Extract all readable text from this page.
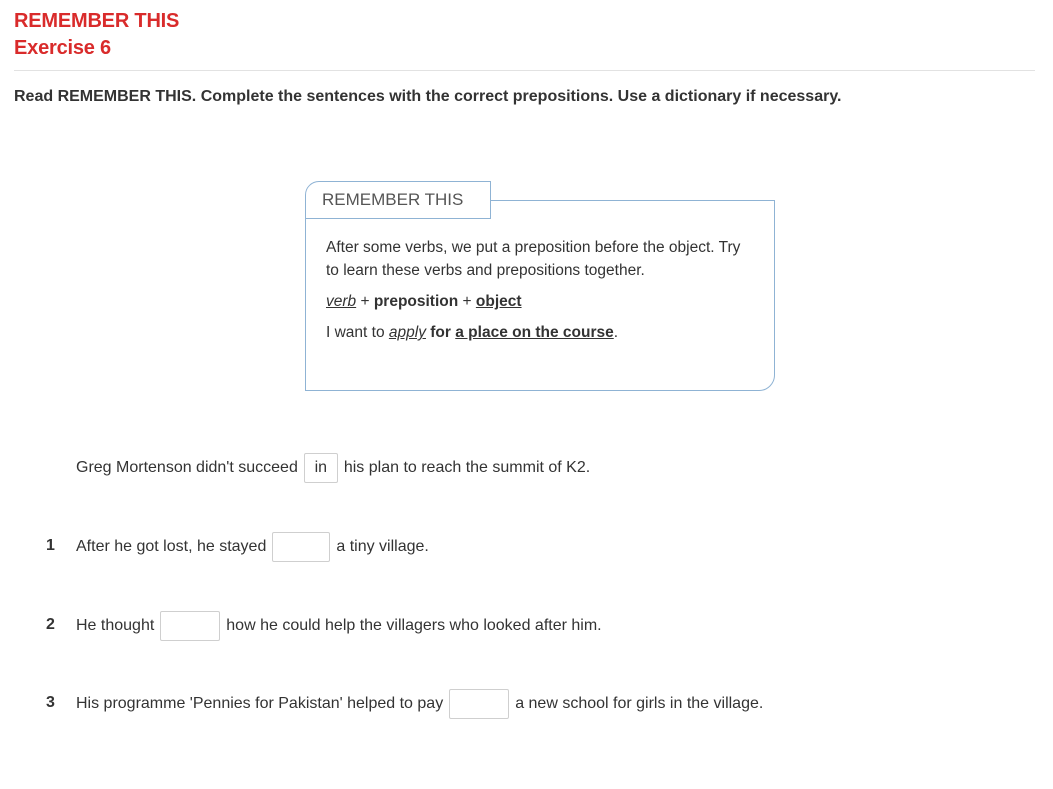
REMEMBER THIS
Exercise 6
Read REMEMBER THIS. Complete the sentences with the correct prepositions. Use a dictionary if necessary.
REMEMBER THIS

After some verbs, we put a preposition before the object. Try to learn these verbs and prepositions together.

verb + preposition + object

I want to apply for a place on the course.

Greg Mortenson didn't succeed	in	his plan to reach the summit of K2.
1 After he got lost, he stayed	a tiny village.
2 He thought	how he could help the villagers who looked after him.
3 His programme 'Pennies for Pakistan' helped to pay	a new school for girls in the village.
